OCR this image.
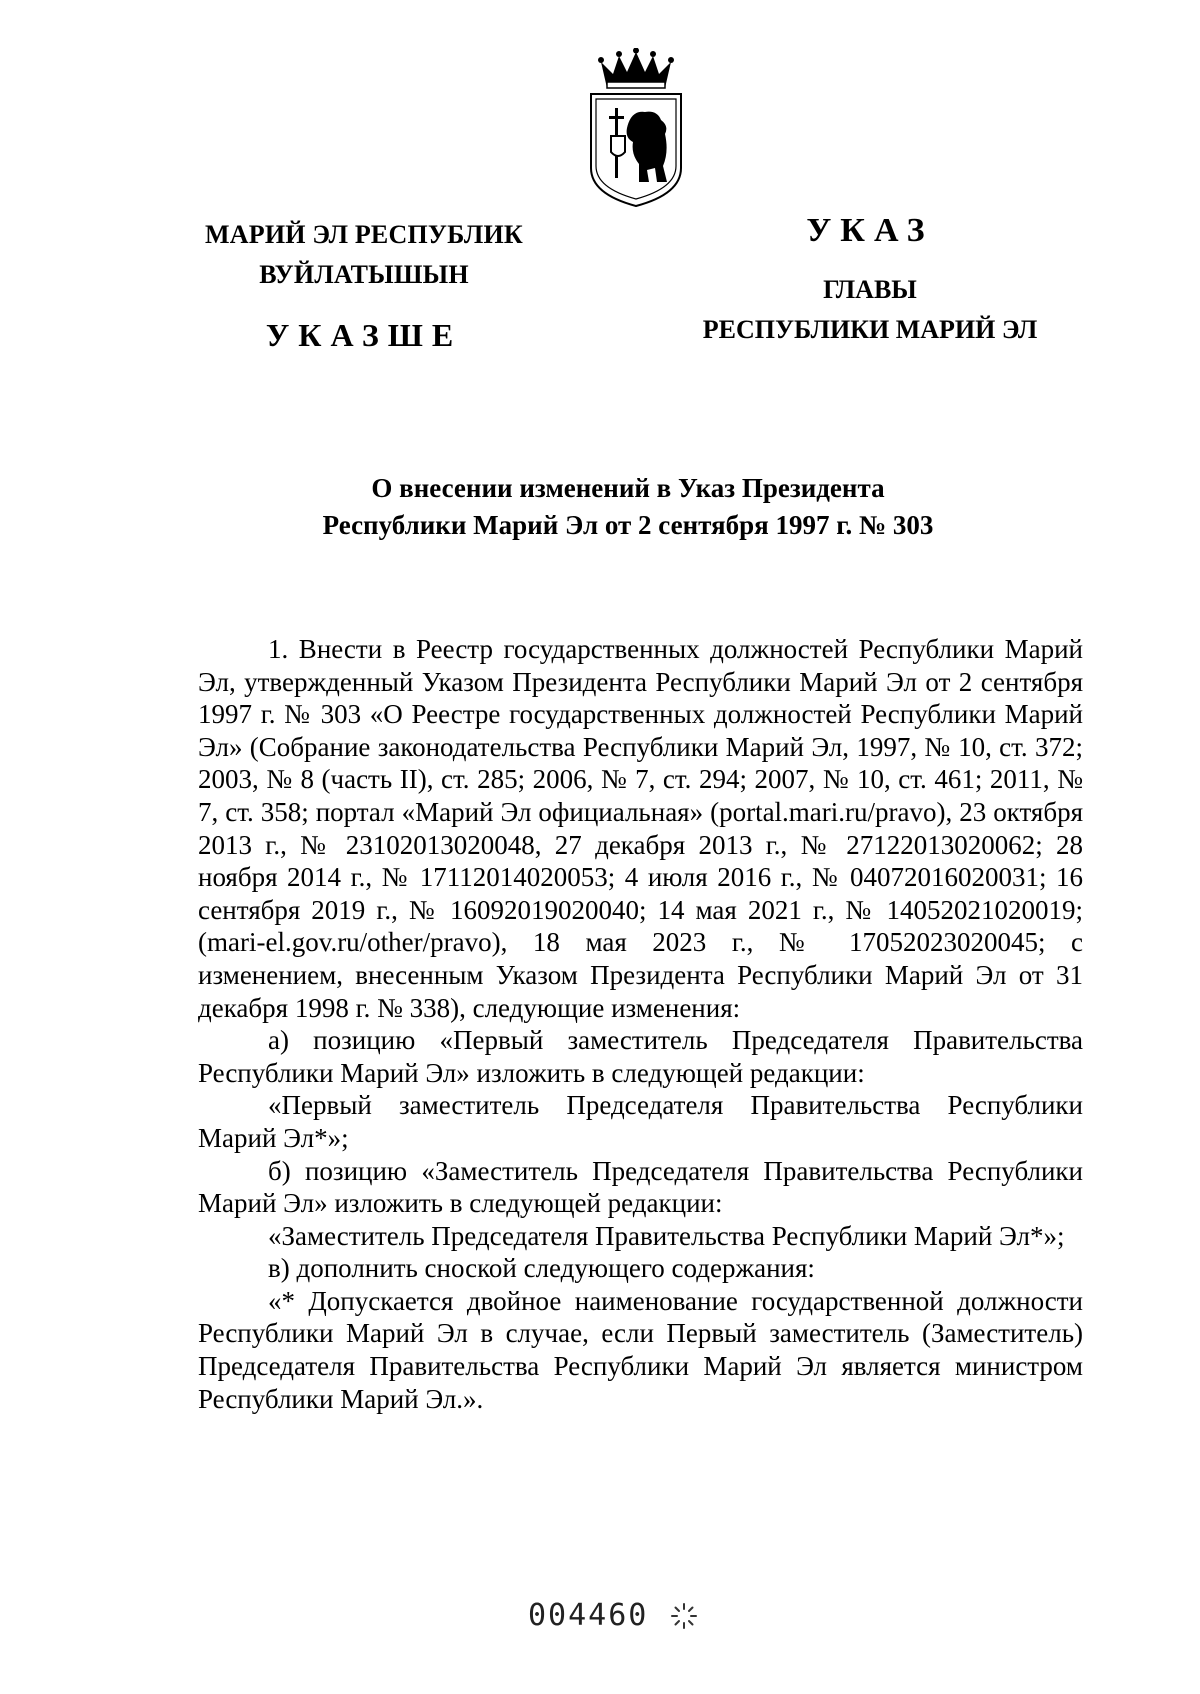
МАРИЙ ЭЛ РЕСПУБЛИК
ВУЙЛАТЫШЫН
УКАЗШЕ
УКАЗ
ГЛАВЫ
РЕСПУБЛИКИ МАРИЙ ЭЛ
О внесении изменений в Указ Президента
Республики Марий Эл от 2 сентября 1997 г. № 303

1. Внести в Реестр государственных должностей Республики Марий Эл, утвержденный Указом Президента Республики Марий Эл от 2 сентября 1997 г. № 303 «О Реестре государственных должностей Республики Марий Эл» (Собрание законодательства Республики Марий Эл, 1997, № 10, ст. 372; 2003, № 8 (часть II), ст. 285; 2006, № 7, ст. 294; 2007, № 10, ст. 461; 2011, № 7, ст. 358; портал «Марий Эл официальная» (portal.mari.ru/pravo), 23 октября 2013 г., № 23102013020048, 27 декабря 2013 г., № 27122013020062; 28 ноября 2014 г., № 17112014020053; 4 июля 2016 г., № 04072016020031; 16 сентября 2019 г., № 16092019020040; 14 мая 2021 г., № 14052021020019; (mari-el.gov.ru/other/pravo), 18 мая 2023 г., № 17052023020045; с изменением, внесенным Указом Президента Республики Марий Эл от 31 декабря 1998 г. № 338), следующие изменения:

а) позицию «Первый заместитель Председателя Правительства Республики Марий Эл» изложить в следующей редакции:

«Первый заместитель Председателя Правительства Республики Марий Эл*»;

б) позицию «Заместитель Председателя Правительства Республики Марий Эл» изложить в следующей редакции:

«Заместитель Председателя Правительства Республики Марий Эл*»;

в) дополнить сноской следующего содержания:

«* Допускается двойное наименование государственной должности Республики Марий Эл в случае, если Первый заместитель (Заместитель) Председателя Правительства Республики Марий Эл является министром Республики Марий Эл.».

004460
